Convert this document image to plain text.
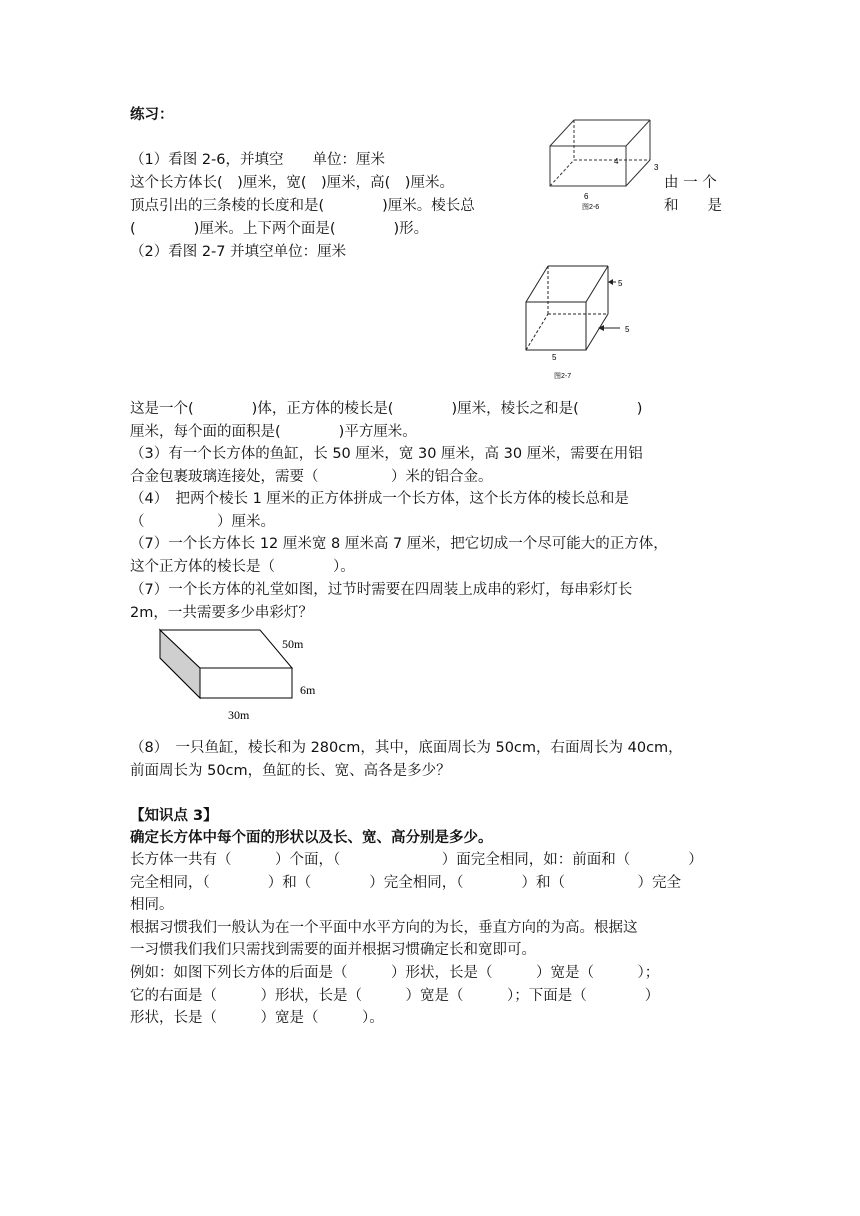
练习：
（1）看图 2-6，并填空　　单位：厘米
这个长方体长(　)厘米，宽(　)厘米，高(　)厘米。	由 一 个
顶点引出的三条棱的长度和是(　　　　)厘米。棱长总	和　　是
(　　　　)厘米。上下两个面是(　　　　)形。
（2）看图 2-7 并填空单位：厘米
6
4
3
图2-6
5
5
5
图2-7
这是一个(　　　　)体，正方体的棱长是(　　　　)厘米，棱长之和是(　　　　)
厘米，每个面的面积是(　　　　)平方厘米。
（3）有一个长方体的鱼缸，长 50 厘米，宽 30 厘米，高 30 厘米，需要在用铝
合金包裹玻璃连接处，需要（　　　　　）米的铝合金。
（4）　把两个棱长 1 厘米的正方体拼成一个长方体，这个长方体的棱长总和是
（　　　　　）厘米。
（7）一个长方体长 12 厘米宽 8 厘米高 7 厘米，把它切成一个尽可能大的正方体，
这个正方体的棱长是（　　　　）。
（7）一个长方体的礼堂如图，过节时需要在四周装上成串的彩灯，每串彩灯长
2m，一共需要多少串彩灯？
50m
6m
30m
（8）　一只鱼缸，棱长和为 280cm，其中，底面周长为 50cm，右面周长为 40cm，
前面周长为 50cm，鱼缸的长、宽、高各是多少？
【知识点 3】
确定长方体中每个面的形状以及长、宽、高分别是多少。
长方体一共有（　　　）个面，（　　　　　　　）面完全相同，如：前面和（　　　　）
完全相同，（　　　　）和（　　　　）完全相同，（　　　　）和（　　　　　）完全
相同。
根据习惯我们一般认为在一个平面中水平方向的为长，垂直方向的为高。根据这
一习惯我们我们只需找到需要的面并根据习惯确定长和宽即可。
例如：如图下列长方体的后面是（　　　）形状，长是（　　　）宽是（　　　）；
它的右面是（　　　）形状，长是（　　　）宽是（　　　）；下面是（　　　　）
形状，长是（　　　）宽是（　　　）。
